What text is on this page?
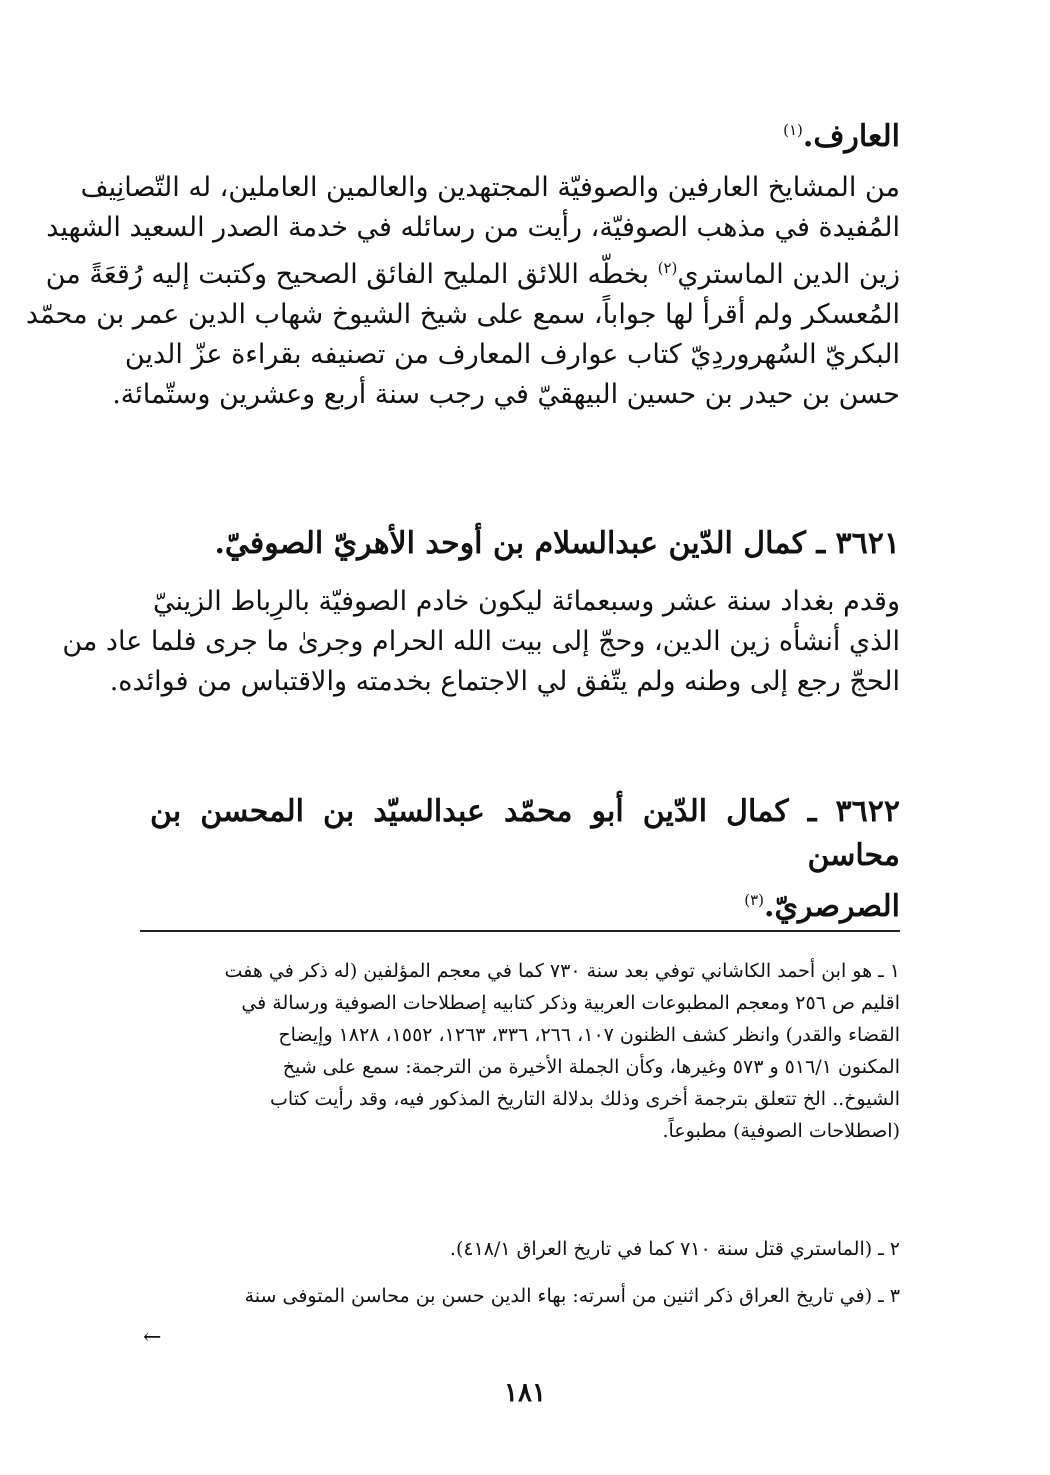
العارف.$^{(١)}$
من المشايخ العارفين والصوفيّة المجتهدين والعالمين العاملين، له التّصانِيف
المُفيدة في مذهب الصوفيّة، رأيت من رسائله في خدمة الصدر السعيد الشهيد
زين الدين الماستري$^{(٢)}$ بخطّه اللائق المليح الفائق الصحيح وكتبت إليه رُقعَةً من
المُعسكر ولم أقرأ لها جواباً، سمع على شيخ الشيوخ شهاب الدين عمر بن محمّد
البكريّ السُهروردِيّ كتاب عوارف المعارف من تصنيفه بقراءة عزّ الدين
حسن بن حيدر بن حسين البيهقيّ في رجب سنة أربع وعشرين وستّمائة.
٣٦٢١ ـ كمال الدّين عبدالسلام بن أوحد الأهريّ الصوفيّ.
وقدم بغداد سنة عشر وسبعمائة ليكون خادم الصوفيّة بالرِباط الزينيّ
الذي أنشأه زين الدين، وحجّ إلى بيت الله الحرام وجرىٰ ما جرى فلما عاد من
الحجّ رجع إلى وطنه ولم يتّفق لي الاجتماع بخدمته والاقتباس من فوائده.
٣٦٢٢ ـ كمال الدّين أبو محمّد عبدالسيّد بن المحسن بن محاسن
الصرصريّ.$^{(٣)}$
١ ـ هو ابن أحمد الكاشاني توفي بعد سنة ٧٣٠ كما في معجم المؤلفين (له ذكر في هفت
اقليم ص ٢٥٦ ومعجم المطبوعات العربية وذكر كتابيه إصطلاحات الصوفية ورسالة في
القضاء والقدر) وانظر كشف الظنون ١٠٧، ٢٦٦، ٣٣٦، ١٢٦٣، ١٥٥٢، ١٨٢٨ وإيضاح
المكنون ٥١٦/١ و ٥٧٣ وغيرها، وكأن الجملة الأخيرة من الترجمة: سمع على شيخ
الشيوخ.. الخ تتعلق بترجمة أخرى وذلك بدلالة التاريخ المذكور فيه، وقد رأيت كتاب
(اصطلاحات الصوفية) مطبوعاً.
٢ ـ (الماستري قتل سنة ٧١٠ كما في تاريخ العراق ٤١٨/١).
٣ ـ (في تاريخ العراق ذكر اثنين من أسرته: بهاء الدين حسن بن محاسن المتوفى سنة
←
١٨١
